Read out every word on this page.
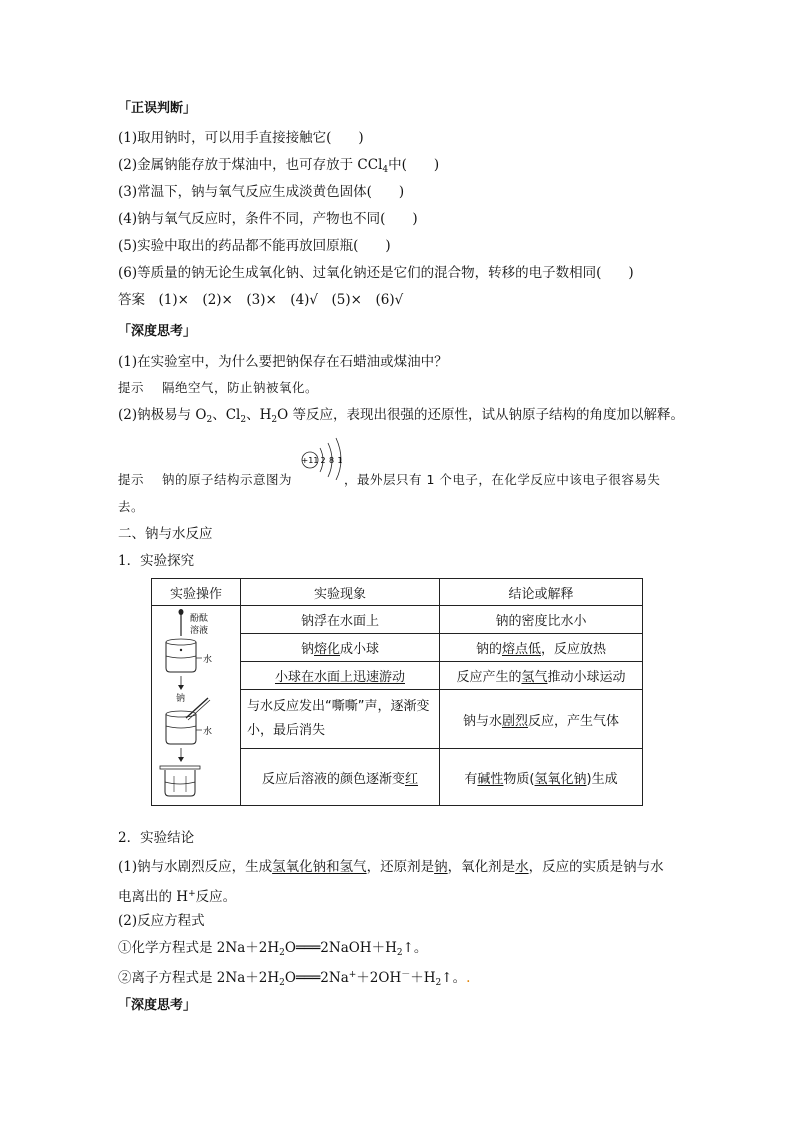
「正误判断」
(1)取用钠时，可以用手直接接触它(　　)
(2)金属钠能存放于煤油中，也可存放于 CCl$_4$中(　　)
(3)常温下，钠与氧气反应生成淡黄色固体(　　)
(4)钠与氧气反应时，条件不同，产物也不同(　　)
(5)实验中取出的药品都不能再放回原瓶(　　)
(6)等质量的钠无论生成氧化钠、过氧化钠还是它们的混合物，转移的电子数相同(　　)
答案　(1)×　(2)×　(3)×　(4)√　(5)×　(6)√
「深度思考」
(1)在实验室中，为什么要把钠保存在石蜡油或煤油中？
提示 隔绝空气，防止钠被氧化。
(2)钠极易与 $O_2$、$Cl_2$、$H_2O$ 等反应，表现出很强的还原性，试从钠原子结构的角度加以解释。
+11 2 8 1
提示 钠的原子结构示意图为	，最外层只有 1 个电子，在化学反应中该电子很容易失
去。
二、钠与水反应
1．实验探究
实验操作	实验现象	结论或解释

酚酞
溶液
水
钠
水	钠浮在水面上	钠的密度比水小
	钠熔化成小球	钠的熔点低，反应放热
	小球在水面上迅速游动	反应产生的氢气推动小球运动
	与水反应发出“嘶嘶”声，逐渐变小，最后消失	钠与水剧烈反应，产生气体
	反应后溶液的颜色逐渐变红	有碱性物质(氢氧化钠)生成
2．实验结论
(1)钠与水剧烈反应，生成氢氧化钠和氢气，还原剂是钠，氧化剂是水，反应的实质是钠与水
电离出的 H+反应。
(2)反应方程式
①化学方程式是 $2Na+2H_2O═══2NaOH+H_2↑$。
②离子方程式是 $2Na+2H_2O═══2Na^++2OH^-+H_2↑$。.
「深度思考」
